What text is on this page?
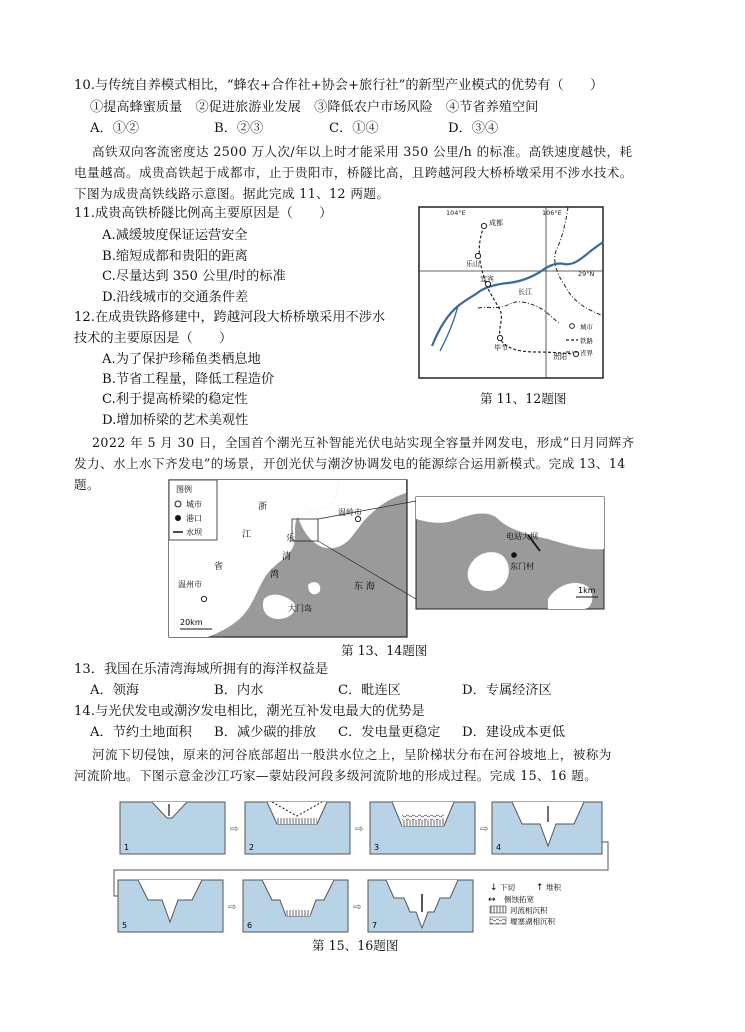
10.与传统自养模式相比，“蜂农+合作社+协会+旅行社”的新型产业模式的优势有（　　）
①提高蜂蜜质量　②促进旅游业发展　③降低农户市场风险　④节省养殖空间
A．①②	B．②③	C．①④	D．③④
高铁双向客流密度达 2500 万人次/年以上时才能采用 350 公里/h 的标准。高铁速度越快，耗
电量越高。成贵高铁起于成都市，止于贵阳市，桥隧比高，且跨越河段大桥桥墩采用不涉水技术。
下图为成贵高铁线路示意图。据此完成 11、12 两题。
11.成贵高铁桥隧比例高主要原因是（　　）
A.减缓坡度保证运营安全
B.缩短成都和贵阳的距离
C.尽量达到 350 公里/时的标准
D.沿线城市的交通条件差
12.在成贵铁路修建中，跨越河段大桥桥墩采用不涉水
技术的主要原因是（　　）
A.为了保护珍稀鱼类栖息地
B.节省工程量，降低工程造价
C.利于提高桥梁的稳定性
D.增加桥梁的艺术美观性
104°E	106°E
29°N
成都
乐山
宜宾
长江
毕节
贵阳
城市
铁路
省界
第 11、12题图
2022 年 5 月 30 日，全国首个潮光互补智能光伏电站实现全容量并网发电，形成“日月同辉齐
发力、水上水下齐发电”的场景，开创光伏与潮汐协调发电的能源综合运用新模式。完成 13、14
题。	图例
城市
港口
水坝
浙
江
省
温岭市
乐
清
湾
温州市
大门岛
东 海
20km
电站大坝
东门村
1km
第 13、14题图
13．我国在乐清湾海域所拥有的海洋权益是
A．领海	B．内水	C．毗连区	D．专属经济区
14.与光伏发电或潮汐发电相比，潮光互补发电最大的优势是
A．节约土地面积 B．减少碳的排放 C．发电量更稳定 D．建设成本更低
河流下切侵蚀，原来的河谷底部超出一般洪水位之上，呈阶梯状分布在河谷坡地上，被称为
河流阶地。下图示意金沙江巧家—蒙姑段河段多级河流阶地的形成过程。完成 15、16 题。
1
⇨
2
⇨
3
⇨
4
5
⇨
6
⇨
7
↓ 下切 ↑ 堆积
↔ 侧蚀拓宽
河流相沉积
堰塞湖相沉积
第 15、16题图
